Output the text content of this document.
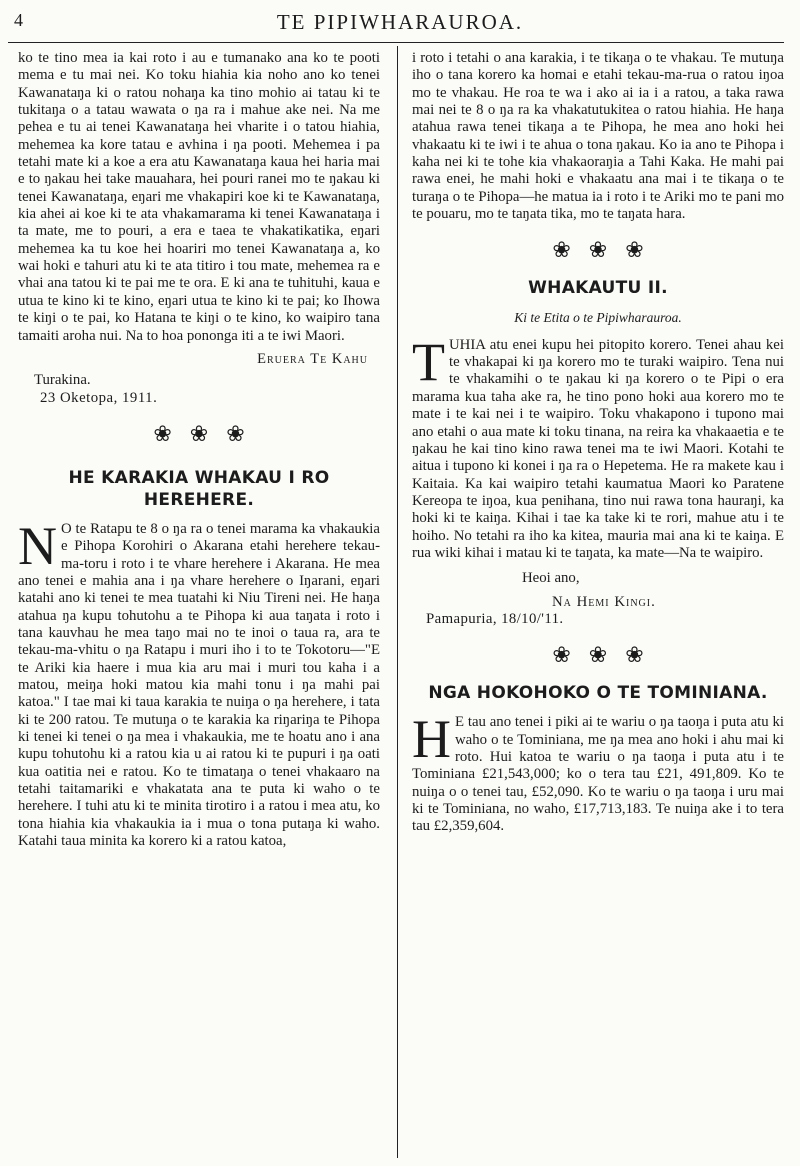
4	TE PIPIWHARAUROA.

ko te tino mea ia kai roto i au e tumanako ana ko te pooti mema e tu mai nei. Ko toku hiahia kia noho ano ko tenei Kawanataŋa ki o ratou nohaŋa ka tino mohio ai tatau ki te tukitaŋa o a tatau wawata o ŋa ra i mahue ake nei. Na me pehea e tu ai tenei Kawanataŋa hei vharite i o tatou hiahia, mehemea ka kore tatau e avhina i ŋa pooti. Mehemea i pa tetahi mate ki a koe a era atu Kawanataŋa kaua hei haria mai e to ŋakau hei take mauahara, hei pouri ranei mo te ŋakau ki tenei Kawanataŋa, eŋari me vhakapiri koe ki te Kawanataŋa, kia ahei ai koe ki te ata vhakamarama ki tenei Kawanataŋa i ta mate, me to pouri, a era e taea te vhakatikatika, eŋari mehemea ka tu koe hei hoariri mo tenei Kawanataŋa a, ko wai hoki e tahuri atu ki te ata titiro i tou mate, mehemea ra e vhai ana tatou ki te pai me te ora. E ki ana te tuhituhi, kaua e utua te kino ki te kino, eŋari utua te kino ki te pai; ko Ihowa te kiŋi o te pai, ko Hatana te kiŋi o te kino, ko waipiro tana tamaiti aroha nui. Na to hoa pononga iti a te iwi Maori.

Eruera Te Kahu
Turakina.
23 Oketopa, 1911.
❀❀❀
HE KARAKIA WHAKAU I RO HEREHERE.

N O te Ratapu te 8 o ŋa ra o tenei marama ka vhakaukia e Pihopa Korohiri o Akarana etahi herehere tekau-ma-toru i roto i te vhare herehere i Akarana. He mea ano tenei e mahia ana i ŋa vhare herehere o Iŋarani, eŋari katahi ano ki tenei te mea tuatahi ki Niu Tireni nei. He haŋa atahua ŋa kupu tohutohu a te Pihopa ki aua taŋata i roto i tana kauvhau he mea taŋo mai no te inoi o taua ra, ara te tekau-ma-vhitu o ŋa Ratapu i muri iho i to te Tokotoru—"E te Ariki kia haere i mua kia aru mai i muri tou kaha i a matou, meiŋa hoki matou kia mahi tonu i ŋa mahi pai katoa." I tae mai ki taua karakia te nuiŋa o ŋa herehere, i tata ki te 200 ratou. Te mutuŋa o te karakia ka riŋariŋa te Pihopa ki tenei ki tenei o ŋa mea i vhakaukia, me te hoatu ano i ana kupu tohutohu ki a ratou kia u ai ratou ki te pupuri i ŋa oati kua oatitia nei e ratou. Ko te timataŋa o tenei vhakaaro na tetahi taitamariki e vhakatata ana te puta ki waho o te herehere. I tuhi atu ki te minita tirotiro i a ratou i mea atu, ko tona hiahia kia vhakaukia ia i mua o tona putaŋa ki waho. Katahi taua minita ka korero ki a ratou katoa,

i roto i tetahi o ana karakia, i te tikaŋa o te vhakau. Te mutuŋa iho o tana korero ka homai e etahi tekau-ma-rua o ratou iŋoa mo te vhakau. He roa te wa i ako ai ia i a ratou, a taka rawa mai nei te 8 o ŋa ra ka vhakatutukitea o ratou hiahia. He haŋa atahua rawa tenei tikaŋa a te Pihopa, he mea ano hoki hei vhakaatu ki te iwi i te ahua o tona ŋakau. Ko ia ano te Pihopa i kaha nei ki te tohe kia vhakaoraŋia a Tahi Kaka. He mahi pai rawa enei, he mahi hoki e vhakaatu ana mai i te tikaŋa o te turaŋa o te Pihopa—he matua ia i roto i te Ariki mo te pani mo te pouaru, mo te taŋata tika, mo te taŋata hara.

❀❀❀
WHAKAUTU II.
Ki te Etita o te Pipiwharauroa.

TUHIA atu enei kupu hei pitopito korero. Tenei ahau kei te vhakapai ki ŋa korero mo te turaki waipiro. Tena nui te vhakamihi o te ŋakau ki ŋa korero o te Pipi o era marama kua taha ake ra, he tino pono hoki aua korero mo te mate i te kai nei i te waipiro. Toku vhakapono i tupono mai ano etahi o aua mate ki toku tinana, na reira ka vhakaaetia e te ŋakau he kai tino kino rawa tenei ma te iwi Maori. Kotahi te aitua i tupono ki konei i ŋa ra o Hepetema. He ra makete kau i Kaitaia. Ka kai waipiro tetahi kaumatua Maori ko Paratene Kereopa te iŋoa, kua penihana, tino nui rawa tona hauraŋi, ka hoki ki te kaiŋa. Kihai i tae ka take ki te rori, mahue atu i te hoiho. No tetahi ra iho ka kitea, mauria mai ana ki te kaiŋa. E rua wiki kihai i matau ki te taŋata, ka mate—Na te waipiro.

Heoi ano,
Na Hemi Kingi.
Pamapuria, 18/10/'11.
❀❀❀
NGA HOKOHOKO O TE TOMINIANA.

H E tau ano tenei i piki ai te wariu o ŋa taoŋa i puta atu ki waho o te Tominiana, me ŋa mea ano hoki i ahu mai ki roto. Hui katoa te wariu o ŋa taoŋa i puta atu i te Tominiana £21,543,000; ko o tera tau £21, 491,809. Ko te nuiŋa o o tenei tau, £52,090. Ko te wariu o ŋa taoŋa i uru mai ki te Tominiana, no waho, £17,713,183. Te nuiŋa ake i to tera tau £2,359,604.
